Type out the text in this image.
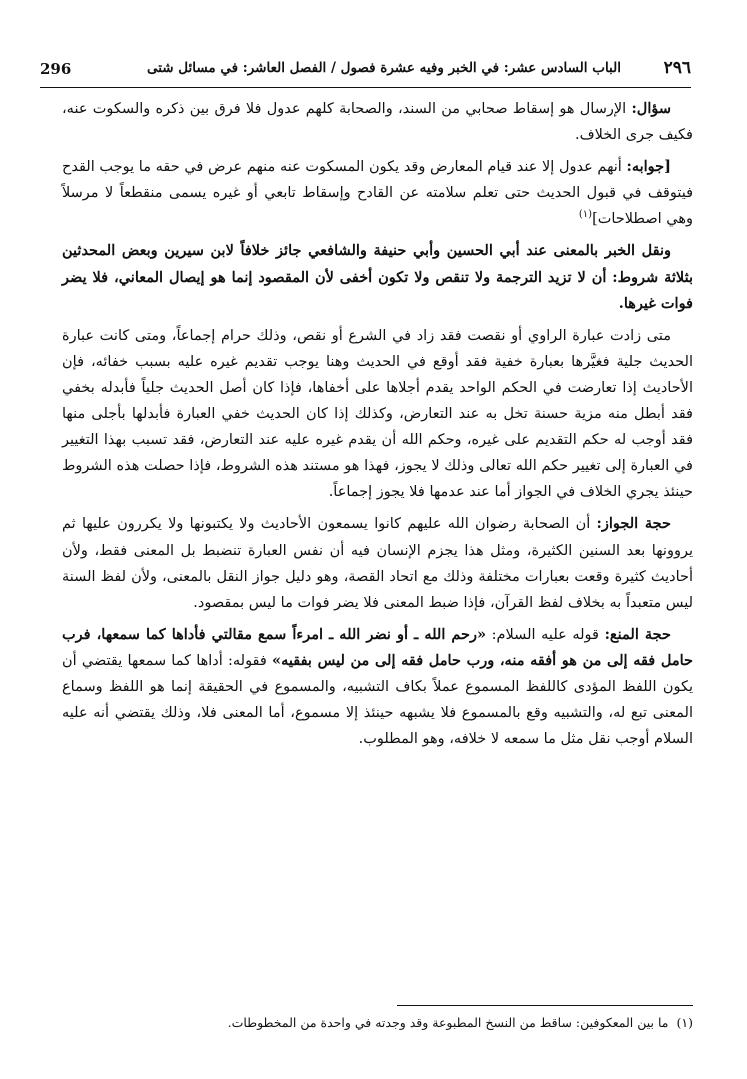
٢٩٦
الباب السادس عشر: في الخبر وفيه عشرة فصول / الفصل العاشر: في مسائل شتى
296

سؤال: الإرسال هو إسقاط صحابي من السند، والصحابة كلهم عدول فلا فرق بين ذكره والسكوت عنه، فكيف جرى الخلاف.

[جوابه: أنهم عدول إلا عند قيام المعارض وقد يكون المسكوت عنه منهم عرض في حقه ما يوجب القدح فيتوقف في قبول الحديث حتى تعلم سلامته عن القادح وإسقاط تابعي أو غيره يسمى منقطعاً لا مرسلاً وهي اصطلاحات]$^{(١)}$

ونقل الخبر بالمعنى عند أبي الحسين وأبي حنيفة والشافعي جائز خلافاً لابن سيرين وبعض المحدثين بثلاثة شروط: أن لا تزيد الترجمة ولا تنقص ولا تكون أخفى لأن المقصود إنما هو إيصال المعاني، فلا يضر فوات غيرها.

متى زادت عبارة الراوي أو نقصت فقد زاد في الشرع أو نقص، وذلك حرام إجماعاً، ومتى كانت عبارة الحديث جلية فغيَّرها بعبارة خفية فقد أوقع في الحديث وهنا يوجب تقديم غيره عليه بسبب خفائه، فإن الأحاديث إذا تعارضت في الحكم الواحد يقدم أجلاها على أخفاها، فإذا كان أصل الحديث جلياً فأبدله بخفي فقد أبطل منه مزية حسنة تخل به عند التعارض، وكذلك إذا كان الحديث خفي العبارة فأبدلها بأجلى منها فقد أوجب له حكم التقديم على غيره، وحكم الله أن يقدم غيره عليه عند التعارض، فقد تسبب بهذا التغيير في العبارة إلى تغيير حكم الله تعالى وذلك لا يجوز، فهذا هو مستند هذه الشروط، فإذا حصلت هذه الشروط حينئذ يجري الخلاف في الجواز أما عند عدمها فلا يجوز إجماعاً.

حجة الجواز: أن الصحابة رضوان الله عليهم كانوا يسمعون الأحاديث ولا يكتبونها ولا يكررون عليها ثم يروونها بعد السنين الكثيرة، ومثل هذا يجزم الإنسان فيه أن نفس العبارة تنضبط بل المعنى فقط، ولأن أحاديث كثيرة وقعت بعبارات مختلفة وذلك مع اتحاد القصة، وهو دليل جواز النقل بالمعنى، ولأن لفظ السنة ليس متعبداً به بخلاف لفظ القرآن، فإذا ضبط المعنى فلا يضر فوات ما ليس بمقصود.

حجة المنع: قوله عليه السلام: «رحم الله ـ أو نضر الله ـ امرءاً سمع مقالتي فأداها كما سمعها، فرب حامل فقه إلى من هو أفقه منه، ورب حامل فقه إلى من ليس بفقيه» فقوله: أداها كما سمعها يقتضي أن يكون اللفظ المؤدى كاللفظ المسموع عملاً بكاف التشبيه، والمسموع في الحقيقة إنما هو اللفظ وسماع المعنى تبع له، والتشبيه وقع بالمسموع فلا يشبهه حينئذ إلا مسموع، أما المعنى فلا، وذلك يقتضي أنه عليه السلام أوجب نقل مثل ما سمعه لا خلافه، وهو المطلوب.

(١)ما بين المعكوفين: ساقط من النسخ المطبوعة وقد وجدته في واحدة من المخطوطات.
